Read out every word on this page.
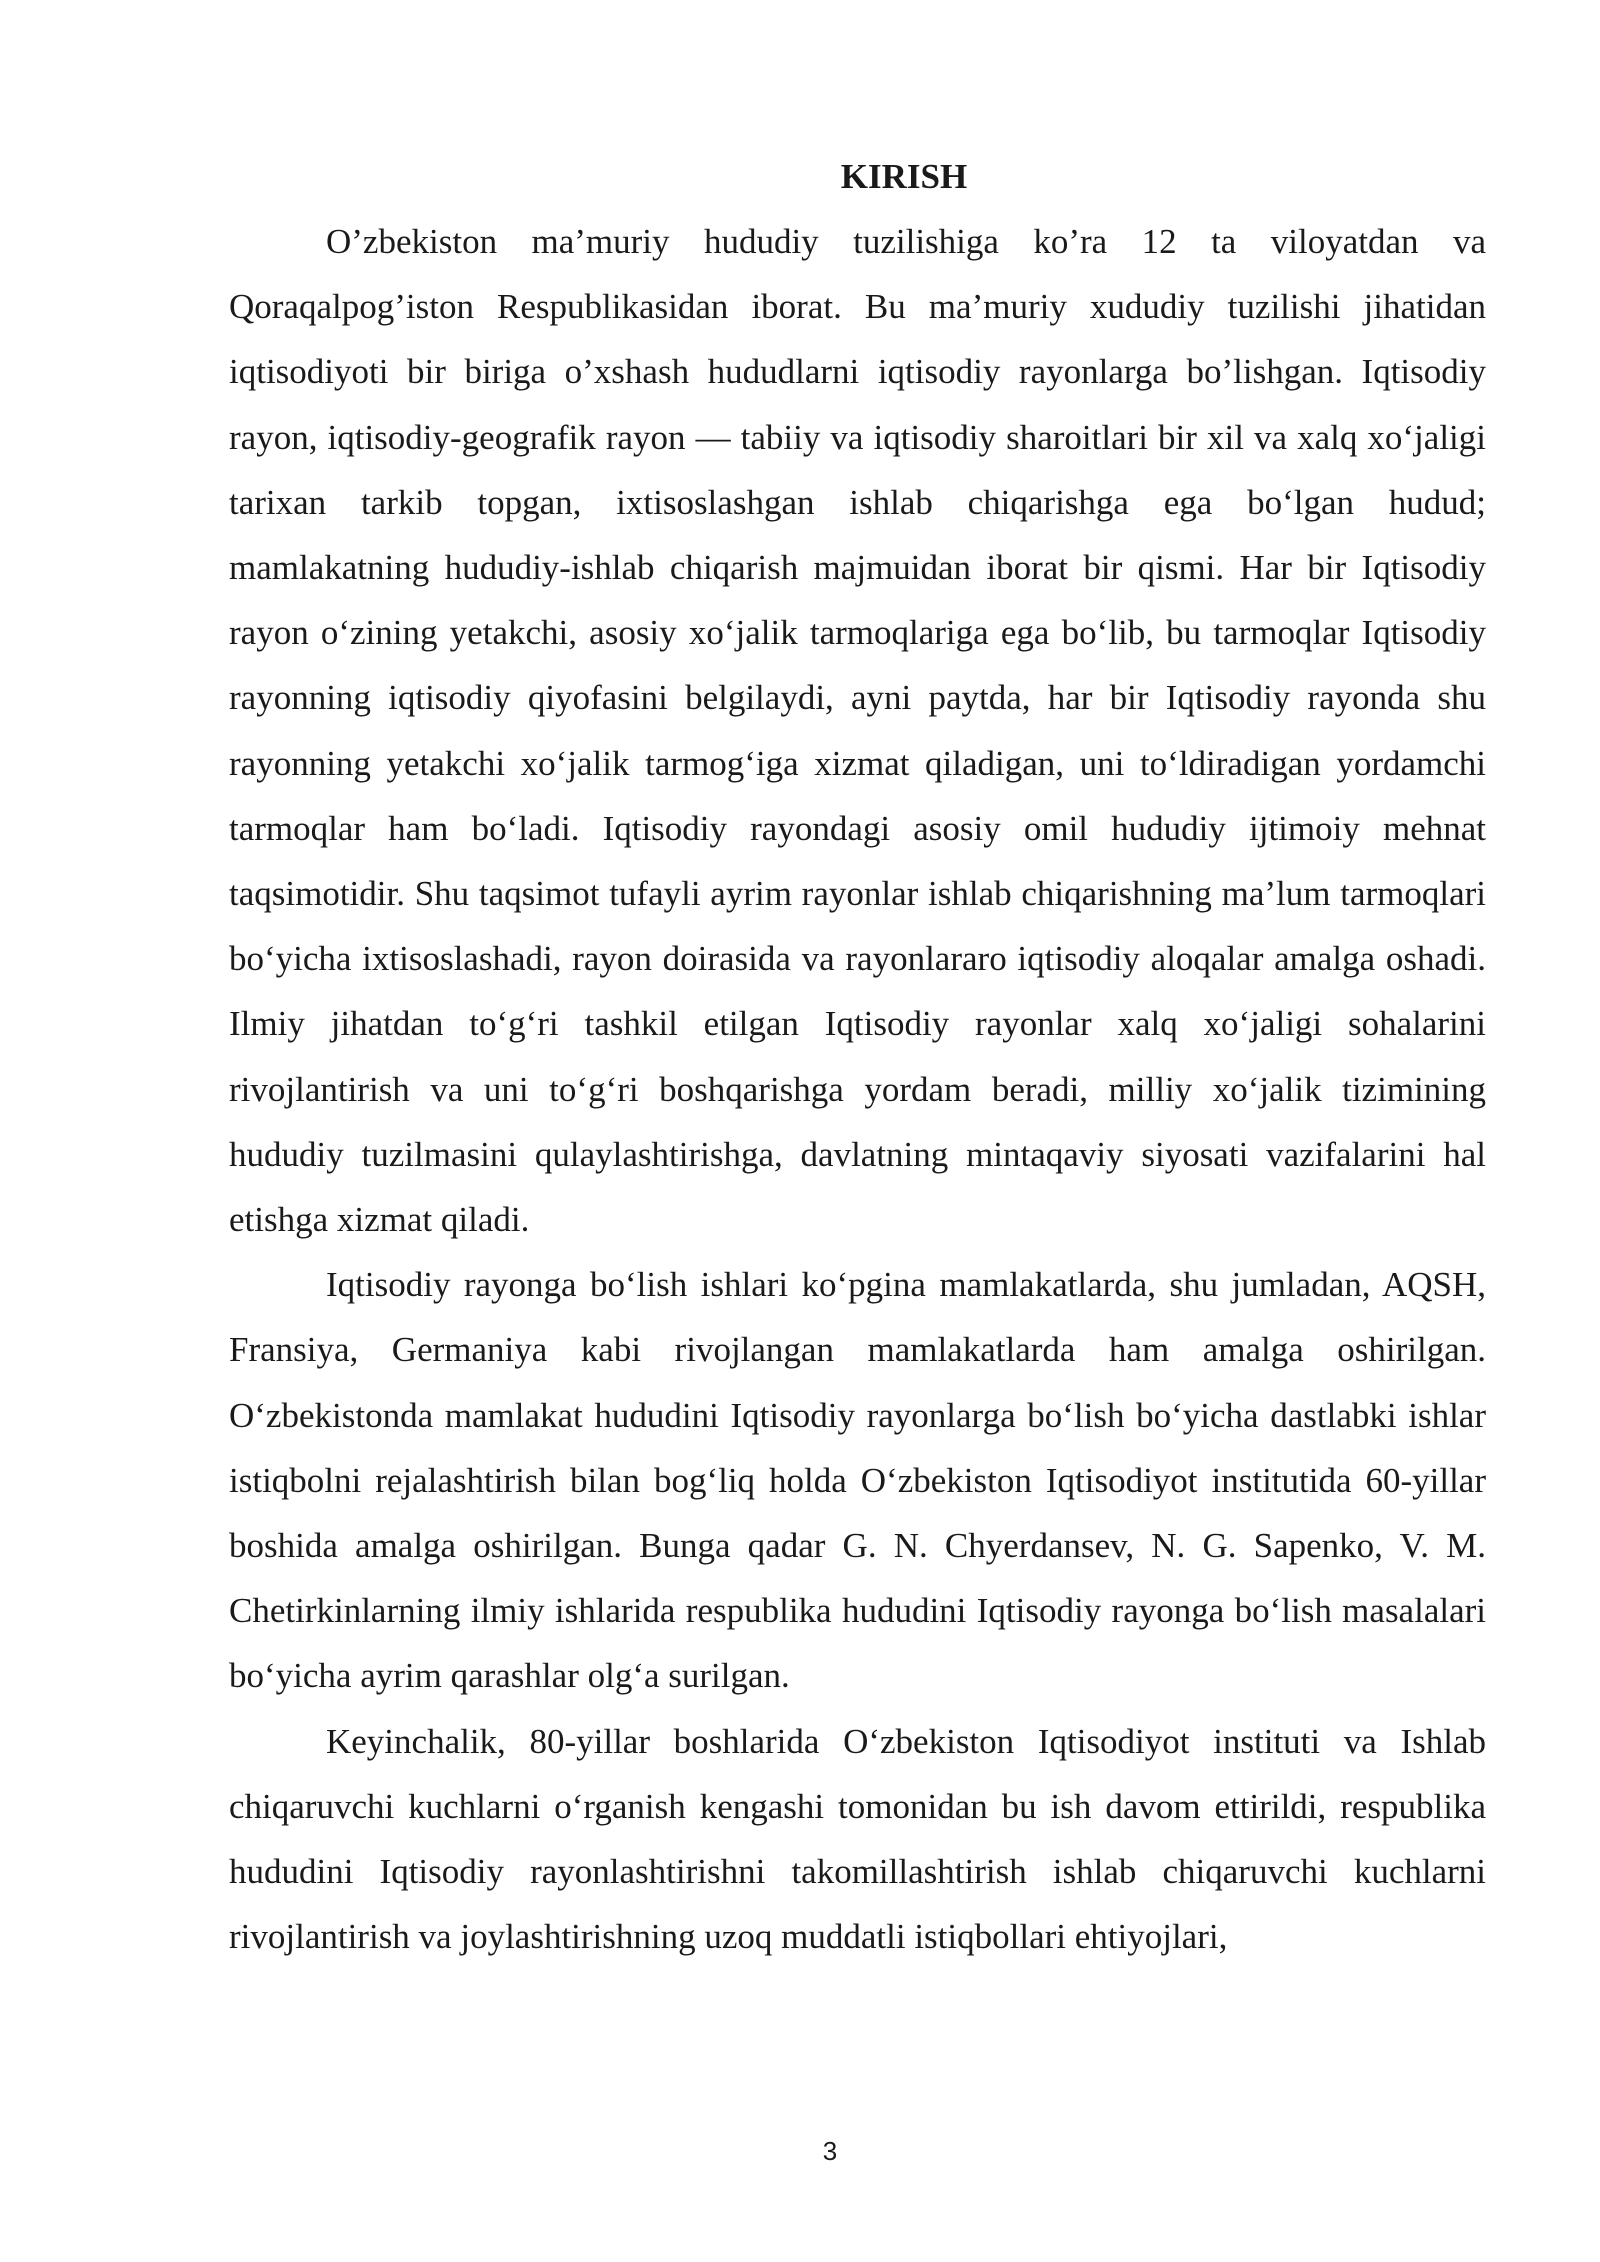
KIRISH

O’zbekiston ma’muriy hududiy tuzilishiga ko’ra 12 ta viloyatdan va Qoraqalpog’iston Respublikasidan iborat. Bu ma’muriy xududiy tuzilishi jihatidan iqtisodiyoti bir biriga o’xshash hududlarni iqtisodiy rayonlarga bo’lishgan. Iqtisodiy rayon, iqtisodiy-geografik rayon — tabiiy va iqtisodiy sharoitlari bir xil va xalq xo‘jaligi tarixan tarkib topgan, ixtisoslashgan ishlab chiqarishga ega bo‘lgan hudud; mamlakatning hududiy-ishlab chiqarish majmuidan iborat bir qismi. Har bir Iqtisodiy rayon o‘zining yetakchi, asosiy xo‘jalik tarmoqlariga ega bo‘lib, bu tarmoqlar Iqtisodiy rayonning iqtisodiy qiyofasini belgilaydi, ayni paytda, har bir Iqtisodiy rayonda shu rayonning yetakchi xo‘jalik tarmog‘iga xizmat qiladigan, uni to‘ldiradigan yordamchi tarmoqlar ham bo‘ladi. Iqtisodiy rayondagi asosiy omil hududiy ijtimoiy mehnat taqsimotidir. Shu taqsimot tufayli ayrim rayonlar ishlab chiqarishning ma’lum tarmoqlari bo‘yicha ixtisoslashadi, rayon doirasida va rayonlararo iqtisodiy aloqalar amalga oshadi. Ilmiy jihatdan to‘g‘ri tashkil etilgan Iqtisodiy rayonlar xalq xo‘jaligi sohalarini rivojlantirish va uni to‘g‘ri boshqarishga yordam beradi, milliy xo‘jalik tizimining hududiy tuzilmasini qulaylashtirishga, davlatning mintaqaviy siyosati vazifalarini hal etishga xizmat qiladi.

Iqtisodiy rayonga bo‘lish ishlari ko‘pgina mamlakatlarda, shu jumladan, AQSH, Fransiya, Germaniya kabi rivojlangan mamlakatlarda ham amalga oshirilgan. O‘zbekistonda mamlakat hududini Iqtisodiy rayonlarga bo‘lish bo‘yicha dastlabki ishlar istiqbolni rejalashtirish bilan bog‘liq holda O‘zbekiston Iqtisodiyot institutida 60-yillar boshida amalga oshirilgan. Bunga qadar G. N. Chyerdansev, N. G. Sapenko, V. M. Chetirkinlarning ilmiy ishlarida respublika hududini Iqtisodiy rayonga bo‘lish masalalari bo‘yicha ayrim qarashlar olg‘a surilgan.

Keyinchalik, 80-yillar boshlarida O‘zbekiston Iqtisodiyot instituti va Ishlab chiqaruvchi kuchlarni o‘rganish kengashi tomonidan bu ish davom ettirildi, respublika hududini Iqtisodiy rayonlashtirishni takomillashtirish ishlab chiqaruvchi kuchlarni rivojlantirish va joylashtirishning uzoq muddatli istiqbollari ehtiyojlari,

3
